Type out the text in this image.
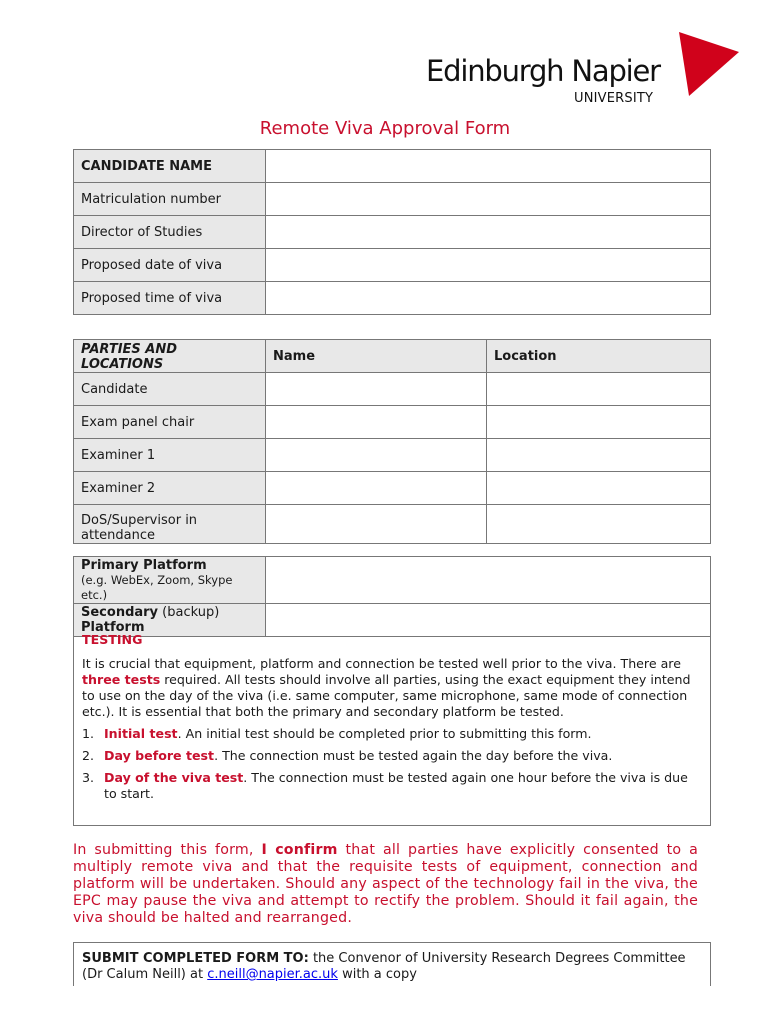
Edinburgh Napier
UNIVERSITY
Remote Viva Approval Form
CANDIDATE NAME	
Matriculation number	
Director of Studies	
Proposed date of viva	
Proposed time of viva	
PARTIES AND LOCATIONS	Name	Location
Candidate		
Exam panel chair		
Examiner 1		
Examiner 2		
DoS/Supervisor in attendance		
Primary Platform
(e.g. WebEx, Zoom, Skype etc.)	

Secondary (backup)
Platform	

TESTING
It is crucial that equipment, platform and connection be tested well prior to the viva. There are three tests required. All tests should involve all parties, using the exact equipment they intend to use on the day of the viva (i.e. same computer, same microphone, same mode of connection etc.). It is essential that both the primary and secondary platform be tested.
1. Initial test. An initial test should be completed prior to submitting this form.
2. Day before test. The connection must be tested again the day before the viva.
3. Day of the viva test. The connection must be tested again one hour before the viva is due to start.
In submitting this form, I confirm that all parties have explicitly consented to a multiply remote viva and that the requisite tests of equipment, connection and platform will be undertaken. Should any aspect of the technology fail in the viva, the EPC may pause the viva and attempt to rectify the problem. Should it fail again, the viva should be halted and rearranged.
SUBMIT COMPLETED FORM TO: the Convenor of University Research Degrees Committee (Dr Calum Neill) at c.neill@napier.ac.uk with a copy
